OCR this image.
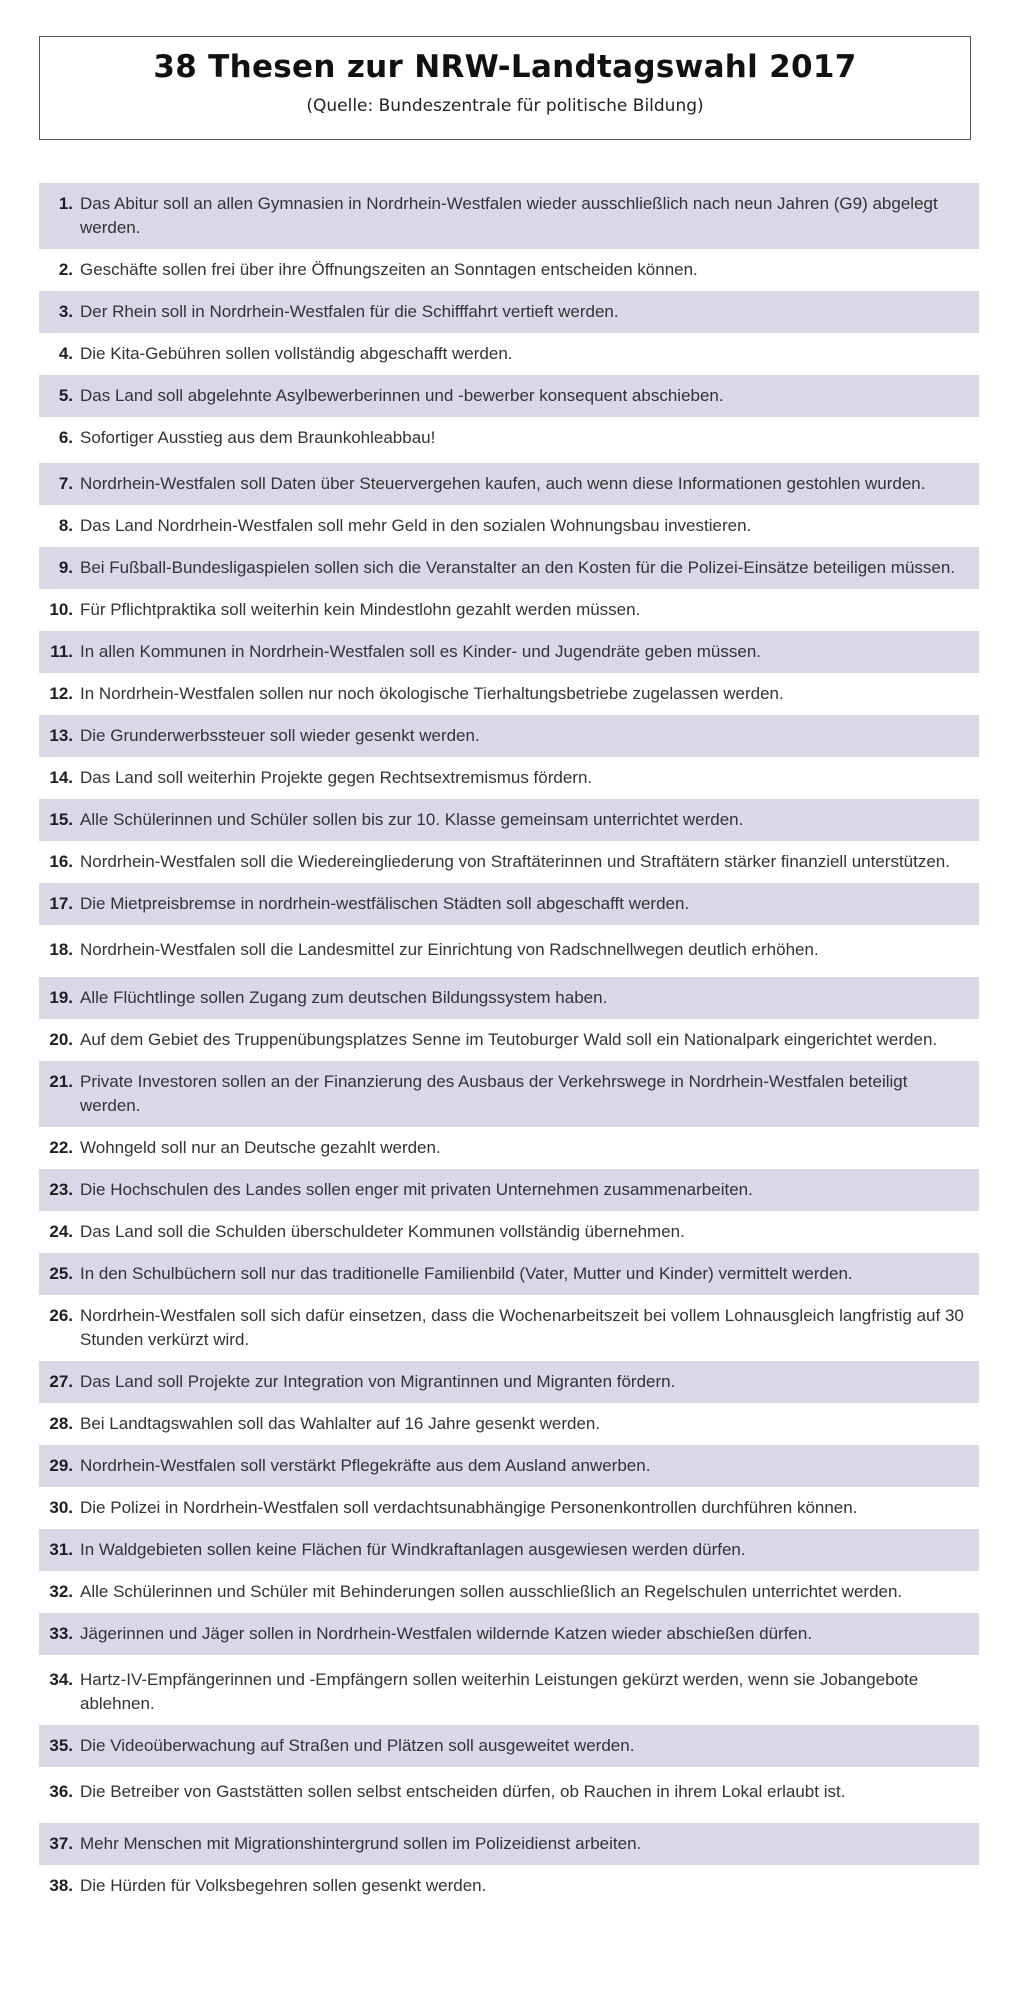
38 Thesen zur NRW-Landtagswahl 2017
(Quelle: Bundeszentrale für politische Bildung)
1. Das Abitur soll an allen Gymnasien in Nordrhein-Westfalen wieder ausschließlich nach neun Jahren (G9) abgelegt werden.
2. Geschäfte sollen frei über ihre Öffnungszeiten an Sonntagen entscheiden können.
3. Der Rhein soll in Nordrhein-Westfalen für die Schifffahrt vertieft werden.
4. Die Kita-Gebühren sollen vollständig abgeschafft werden.
5. Das Land soll abgelehnte Asylbewerberinnen und -bewerber konsequent abschieben.
6. Sofortiger Ausstieg aus dem Braunkohleabbau!
7. Nordrhein-Westfalen soll Daten über Steuervergehen kaufen, auch wenn diese Informationen gestohlen wurden.
8. Das Land Nordrhein-Westfalen soll mehr Geld in den sozialen Wohnungsbau investieren.
9. Bei Fußball-Bundesligaspielen sollen sich die Veranstalter an den Kosten für die Polizei-Einsätze beteiligen müssen.
10. Für Pflichtpraktika soll weiterhin kein Mindestlohn gezahlt werden müssen.
11. In allen Kommunen in Nordrhein-Westfalen soll es Kinder- und Jugendräte geben müssen.
12. In Nordrhein-Westfalen sollen nur noch ökologische Tierhaltungsbetriebe zugelassen werden.
13. Die Grunderwerbssteuer soll wieder gesenkt werden.
14. Das Land soll weiterhin Projekte gegen Rechtsextremismus fördern.
15. Alle Schülerinnen und Schüler sollen bis zur 10. Klasse gemeinsam unterrichtet werden.
16. Nordrhein-Westfalen soll die Wiedereingliederung von Straftäterinnen und Straftätern stärker finanziell unterstützen.
17. Die Mietpreisbremse in nordrhein-westfälischen Städten soll abgeschafft werden.
18. Nordrhein-Westfalen soll die Landesmittel zur Einrichtung von Radschnellwegen deutlich erhöhen.
19. Alle Flüchtlinge sollen Zugang zum deutschen Bildungssystem haben.
20. Auf dem Gebiet des Truppenübungsplatzes Senne im Teutoburger Wald soll ein Nationalpark eingerichtet werden.
21. Private Investoren sollen an der Finanzierung des Ausbaus der Verkehrswege in Nordrhein-Westfalen beteiligt werden.
22. Wohngeld soll nur an Deutsche gezahlt werden.
23. Die Hochschulen des Landes sollen enger mit privaten Unternehmen zusammenarbeiten.
24. Das Land soll die Schulden überschuldeter Kommunen vollständig übernehmen.
25. In den Schulbüchern soll nur das traditionelle Familienbild (Vater, Mutter und Kinder) vermittelt werden.
26. Nordrhein-Westfalen soll sich dafür einsetzen, dass die Wochenarbeitszeit bei vollem Lohnausgleich langfristig auf 30 Stunden verkürzt wird.
27. Das Land soll Projekte zur Integration von Migrantinnen und Migranten fördern.
28. Bei Landtagswahlen soll das Wahlalter auf 16 Jahre gesenkt werden.
29. Nordrhein-Westfalen soll verstärkt Pflegekräfte aus dem Ausland anwerben.
30. Die Polizei in Nordrhein-Westfalen soll verdachtsunabhängige Personenkontrollen durchführen können.
31. In Waldgebieten sollen keine Flächen für Windkraftanlagen ausgewiesen werden dürfen.
32. Alle Schülerinnen und Schüler mit Behinderungen sollen ausschließlich an Regelschulen unterrichtet werden.
33. Jägerinnen und Jäger sollen in Nordrhein-Westfalen wildernde Katzen wieder abschießen dürfen.
34. Hartz-IV-Empfängerinnen und -Empfängern sollen weiterhin Leistungen gekürzt werden, wenn sie Jobangebote ablehnen.
35. Die Videoüberwachung auf Straßen und Plätzen soll ausgeweitet werden.
36. Die Betreiber von Gaststätten sollen selbst entscheiden dürfen, ob Rauchen in ihrem Lokal erlaubt ist.
37. Mehr Menschen mit Migrationshintergrund sollen im Polizeidienst arbeiten.
38. Die Hürden für Volksbegehren sollen gesenkt werden.
